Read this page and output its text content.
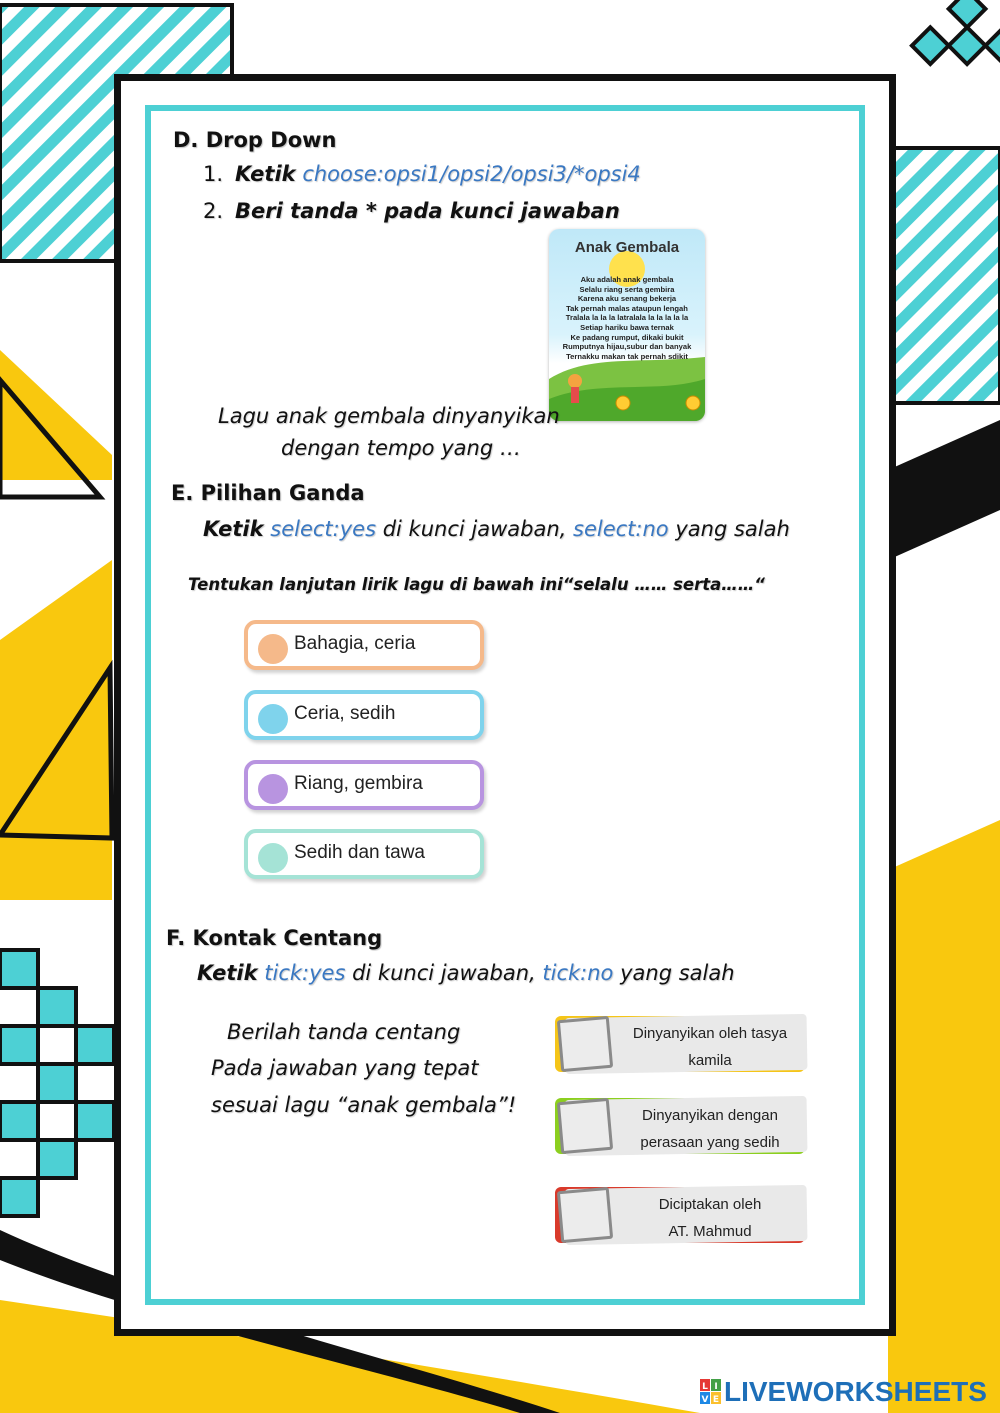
D. Drop Down
1. Ketik choose:opsi1/opsi2/opsi3/*opsi4
2. Beri tanda * pada kunci jawaban
Anak Gembala
Aku adalah anak gembala
Selalu riang serta gembira
Karena aku senang bekerja
Tak pernah malas ataupun lengah
Tralala la la la latralala la la la la la
Setiap hariku bawa ternak
Ke padang rumput, dikaki bukit
Rumputnya hijau,subur dan banyak
Ternakku makan tak pernah sdikit
Lagu anak gembala dinyanyikan
dengan tempo yang …
E. Pilihan Ganda
Ketik select:yes di kunci jawaban, select:no yang salah
Tentukan lanjutan lirik lagu di bawah ini“selalu …… serta……“
Bahagia, ceria
Ceria, sedih
Riang, gembira
Sedih dan tawa
F. Kontak Centang
Ketik tick:yes di kunci jawaban, tick:no yang salah
Berilah tanda centang
Pada jawaban yang tepat
sesuai lagu “anak gembala”!
Dinyanyikan oleh tasya
kamila
Dinyanyikan dengan
perasaan yang sedih
Diciptakan oleh
AT. Mahmud
L I
V E LIVEWORKSHEETS
